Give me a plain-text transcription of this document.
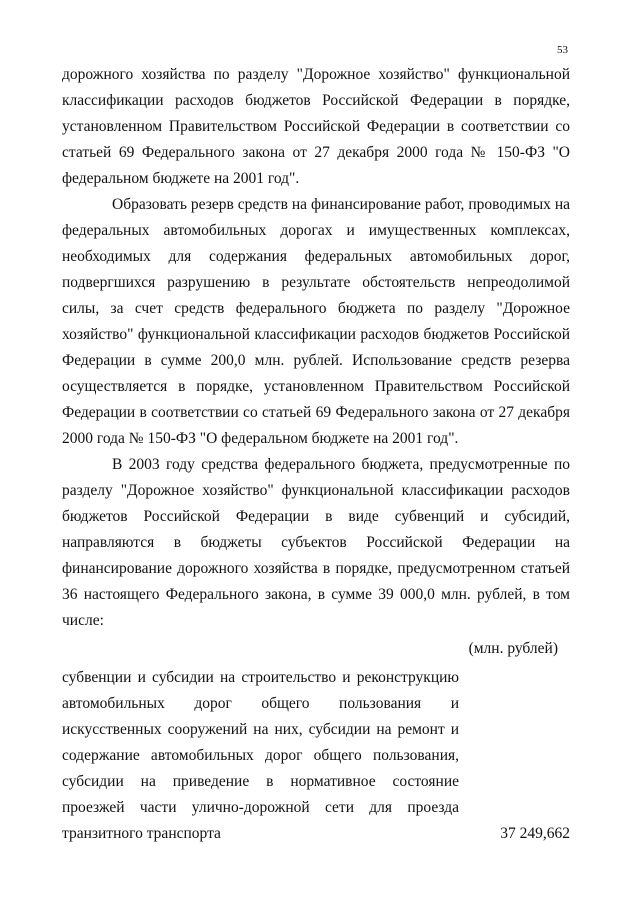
53

дорожного хозяйства по разделу "Дорожное хозяйство" функциональной классификации расходов бюджетов Российской Федерации в порядке, установленном Правительством Российской Федерации в соответствии со статьей 69 Федерального закона от 27 декабря 2000 года № 150-ФЗ "О федеральном бюджете на 2001 год".

Образовать резерв средств на финансирование работ, проводимых на федеральных автомобильных дорогах и имущественных комплексах, необходимых для содержания федеральных автомобильных дорог, подвергшихся разрушению в результате обстоятельств непреодолимой силы, за счет средств федерального бюджета по разделу "Дорожное хозяйство" функциональной классификации расходов бюджетов Российской Федерации в сумме 200,0 млн. рублей. Использование средств резерва осуществляется в порядке, установленном Правительством Российской Федерации в соответствии со статьей 69 Федерального закона от 27 декабря 2000 года № 150-ФЗ "О федеральном бюджете на 2001 год".

В 2003 году средства федерального бюджета, предусмотренные по разделу "Дорожное хозяйство" функциональной классификации расходов бюджетов Российской Федерации в виде субвенций и субсидий, направляются в бюджеты субъектов Российской Федерации на финансирование дорожного хозяйства в порядке, предусмотренном статьей 36 настоящего Федерального закона, в сумме 39 000,0 млн. рублей, в том числе:

(млн. рублей)
субвенции и субсидии на строительство и реконструкцию автомобильных дорог общего пользования и искусственных сооружений на них, субсидии на ремонт и содержание автомобильных дорог общего пользования, субсидии на приведение в нормативное состояние проезжей части улично-дорожной сети для проезда транзитного транспорта	37 249,662
